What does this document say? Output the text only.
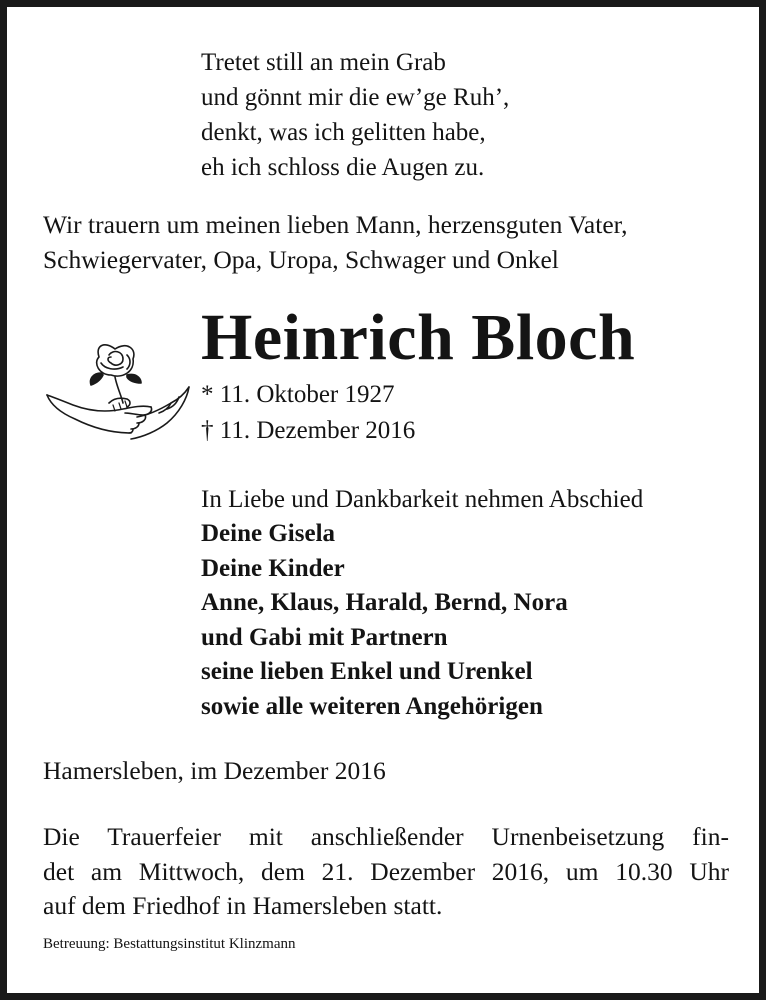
Tretet still an mein Grab
und gönnt mir die ew’ge Ruh’,
denkt, was ich gelitten habe,
eh ich schloss die Augen zu.
Wir trauern um meinen lieben Mann, herzensguten Vater,
Schwiegervater, Opa, Uropa, Schwager und Onkel
Heinrich Bloch
* 11. Oktober 1927
† 11. Dezember 2016
In Liebe und Dankbarkeit nehmen Abschied
Deine Gisela
Deine Kinder
Anne, Klaus, Harald, Bernd, Nora
und Gabi mit Partnern
seine lieben Enkel und Urenkel
sowie alle weiteren Angehörigen
Hamersleben, im Dezember 2016
Die Trauerfeier mit anschließender Urnenbeisetzung fin-
det am Mittwoch, dem 21. Dezember 2016, um 10.30 Uhr
auf dem Friedhof in Hamersleben statt.
Betreuung: Bestattungsinstitut Klinzmann
